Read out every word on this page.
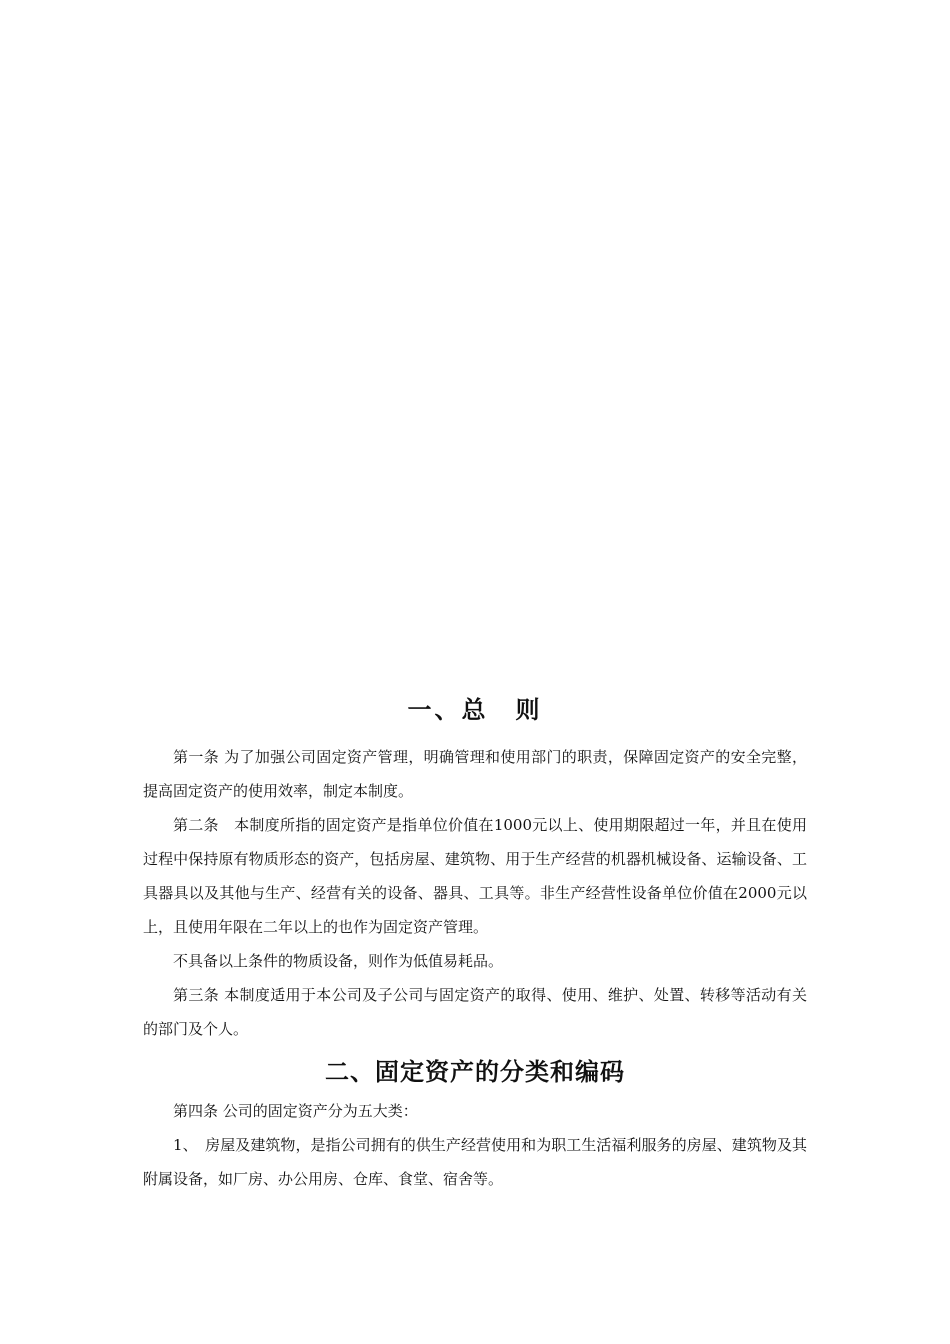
一、总　则

第一条 为了加强公司固定资产管理，明确管理和使用部门的职责，保障固定资产的安全完整，提高固定资产的使用效率，制定本制度。

第二条　本制度所指的固定资产是指单位价值在1000元以上、使用期限超过一年，并且在使用过程中保持原有物质形态的资产，包括房屋、建筑物、用于生产经营的机器机械设备、运输设备、工具器具以及其他与生产、经营有关的设备、器具、工具等。非生产经营性设备单位价值在2000元以上，且使用年限在二年以上的也作为固定资产管理。

不具备以上条件的物质设备，则作为低值易耗品。

第三条 本制度适用于本公司及子公司与固定资产的取得、使用、维护、处置、转移等活动有关的部门及个人。

二、固定资产的分类和编码

第四条 公司的固定资产分为五大类：

1、　房屋及建筑物，是指公司拥有的供生产经营使用和为职工生活福利服务的房屋、建筑物及其附属设备，如厂房、办公用房、仓库、食堂、宿舍等。
